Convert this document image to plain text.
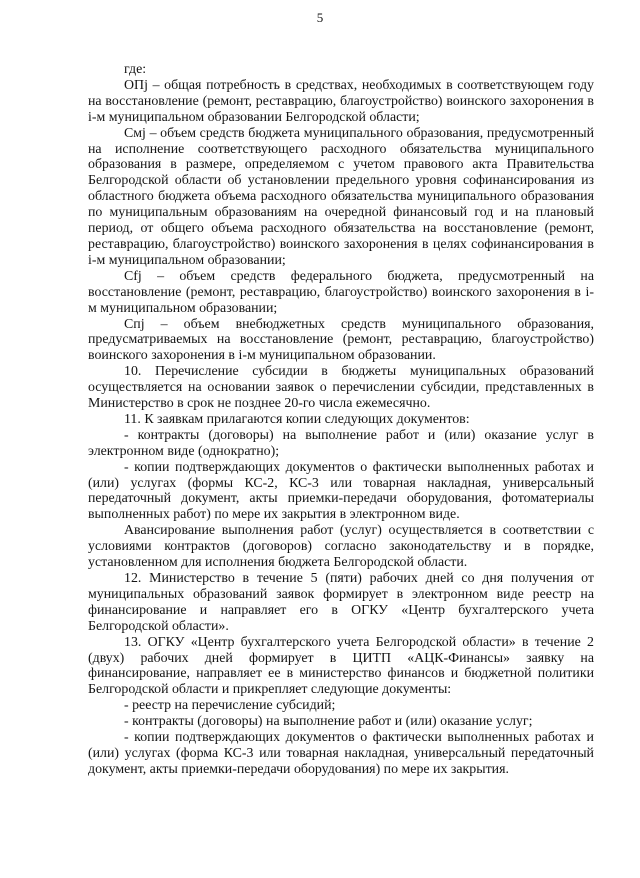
5

где:

ОПj – общая потребность в средствах, необходимых в соответствующем году на восстановление (ремонт, реставрацию, благоустройство) воинского захоронения в i-м муниципальном образовании Белгородской области;

Cмj – объем средств бюджета муниципального образования, предусмотренный на исполнение соответствующего расходного обязательства муниципального образования в размере, определяемом с учетом правового акта Правительства Белгородской области об установлении предельного уровня софинансирования из областного бюджета объема расходного обязательства муниципального образования по муниципальным образованиям на очередной финансовый год и на плановый период, от общего объема расходного обязательства на восстановление (ремонт, реставрацию, благоустройство) воинского захоронения в целях софинансирования в i-м муниципальном образовании;

Cfj – объем средств федерального бюджета, предусмотренный на восстановление (ремонт, реставрацию, благоустройство) воинского захоронения в i-м муниципальном образовании;

Cпj – объем внебюджетных средств муниципального образования, предусматриваемых на восстановление (ремонт, реставрацию, благоустройство) воинского захоронения в i-м муниципальном образовании.

10. Перечисление субсидии в бюджеты муниципальных образований осуществляется на основании заявок о перечислении субсидии, представленных в Министерство в срок не позднее 20-го числа ежемесячно.

11. К заявкам прилагаются копии следующих документов:

- контракты (договоры) на выполнение работ и (или) оказание услуг в электронном виде (однократно);

- копии подтверждающих документов о фактически выполненных работах и (или) услугах (формы КС-2, КС-3 или товарная накладная, универсальный передаточный документ, акты приемки-передачи оборудования, фотоматериалы выполненных работ) по мере их закрытия в электронном виде.

Авансирование выполнения работ (услуг) осуществляется в соответствии с условиями контрактов (договоров) согласно законодательству и в порядке, установленном для исполнения бюджета Белгородской области.

12. Министерство в течение 5 (пяти) рабочих дней со дня получения от муниципальных образований заявок формирует в электронном виде реестр на финансирование и направляет его в ОГКУ «Центр бухгалтерского учета Белгородской области».

13. ОГКУ «Центр бухгалтерского учета Белгородской области» в течение 2 (двух) рабочих дней формирует в ЦИТП «АЦК-Финансы» заявку на финансирование, направляет ее в министерство финансов и бюджетной политики Белгородской области и прикрепляет следующие документы:

- реестр на перечисление субсидий;

- контракты (договоры) на выполнение работ и (или) оказание услуг;

- копии подтверждающих документов о фактически выполненных работах и (или) услугах (форма КС-3 или товарная накладная, универсальный передаточный документ, акты приемки-передачи оборудования) по мере их закрытия.
